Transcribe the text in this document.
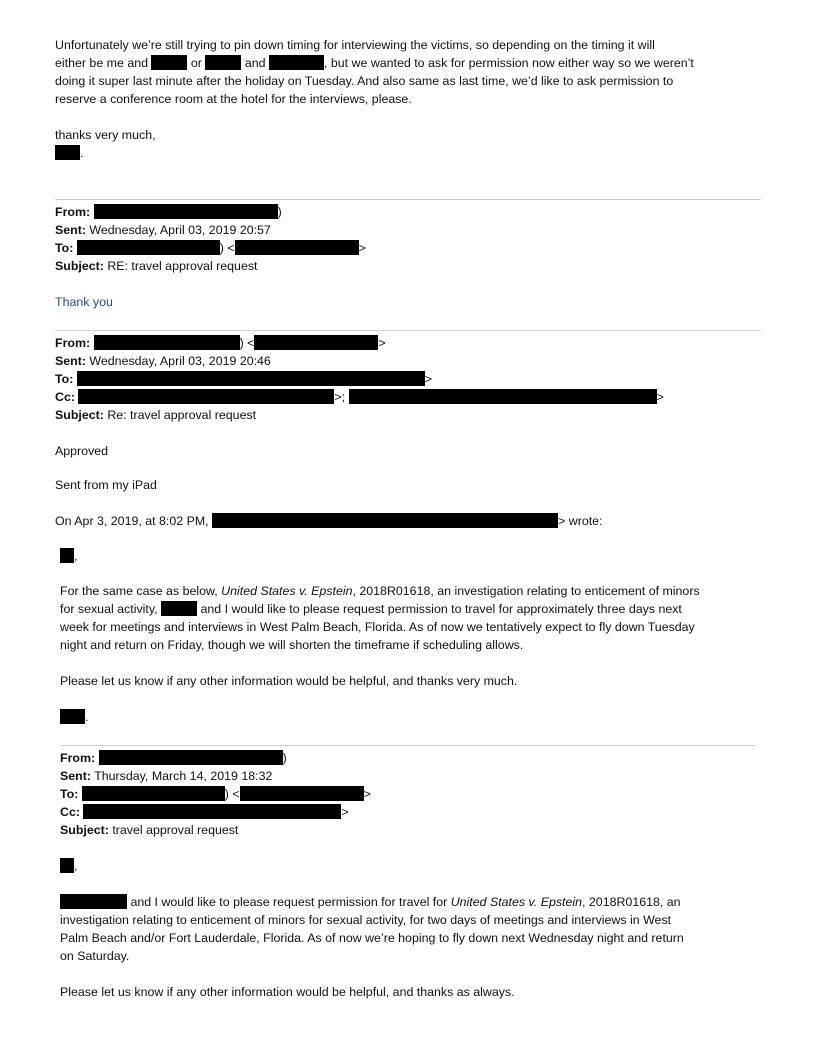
Unfortunately we’re still trying to pin down timing for interviewing the victims, so depending on the timing it will
either be me and	or	and	, but we wanted to ask for permission now either way so we weren’t
doing it super last minute after the holiday on Tuesday. And also same as last time, we’d like to ask permission to
reserve a conference room at the hotel for the interviews, please.
thanks very much,
.
From:	)
Sent: Wednesday, April 03, 2019 20:57
To:	) <	>
Subject: RE: travel approval request
Thank you
From:	) <	>
Sent: Wednesday, April 03, 2019 20:46
To:	>
Cc:	>;	>
Subject: Re: travel approval request
Approved
Sent from my iPad
On Apr 3, 2019, at 8:02 PM,	> wrote:
,
For the same case as below, United States v. Epstein, 2018R01618, an investigation relating to enticement of minors
for sexual activity,	and I would like to please request permission to travel for approximately three days next
week for meetings and interviews in West Palm Beach, Florida. As of now we tentatively expect to fly down Tuesday
night and return on Friday, though we will shorten the timeframe if scheduling allows.
Please let us know if any other information would be helpful, and thanks very much.
.
From:	)
Sent: Thursday, March 14, 2019 18:32
To:	) <	>
Cc:	>
Subject: travel approval request
,
and I would like to please request permission for travel for United States v. Epstein, 2018R01618, an
investigation relating to enticement of minors for sexual activity, for two days of meetings and interviews in West
Palm Beach and/or Fort Lauderdale, Florida. As of now we’re hoping to fly down next Wednesday night and return
on Saturday.
Please let us know if any other information would be helpful, and thanks as always.
